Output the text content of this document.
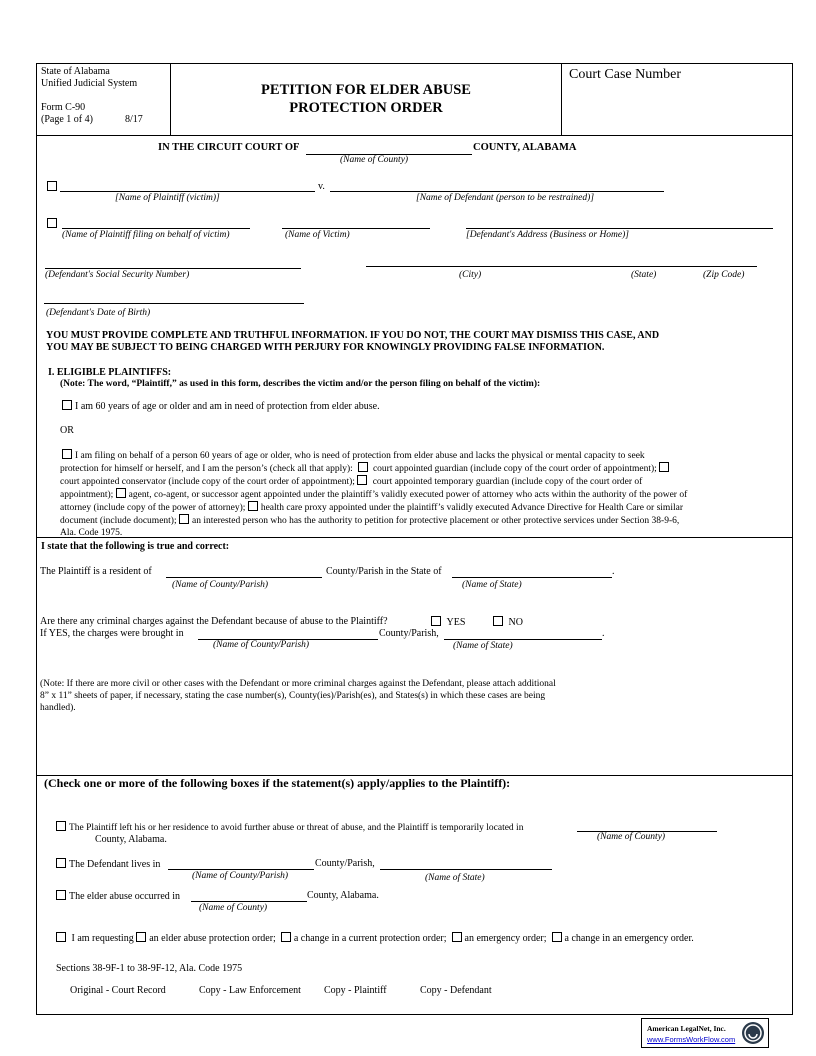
State of Alabama
Unified Judicial System
Form C-90
(Page 1 of 4)	8/17
PETITION FOR ELDER ABUSE
PROTECTION ORDER
Court Case Number
IN THE CIRCUIT COURT OF	COUNTY, ALABAMA
(Name of County)
v.
[Name of Plaintiff (victim)]	[Name of Defendant (person to be restrained)]
(Name of Plaintiff filing on behalf of victim)	(Name of Victim)	[Defendant's Address (Business or Home)]
(Defendant's Social Security Number)	(City)	(State)	(Zip Code)
(Defendant's Date of Birth)
YOU MUST PROVIDE COMPLETE AND TRUTHFUL INFORMATION. IF YOU DO NOT, THE COURT MAY DISMISS THIS CASE, AND
YOU MAY BE SUBJECT TO BEING CHARGED WITH PERJURY FOR KNOWINGLY PROVIDING FALSE INFORMATION.
I. ELIGIBLE PLAINTIFFS:
(Note: The word, “Plaintiff,” as used in this form, describes the victim and/or the person filing on behalf of the victim):
I am 60 years of age or older and am in need of protection from elder abuse.
OR
I am filing on behalf of a person 60 years of age or older, who is need of protection from elder abuse and lacks the physical or mental capacity to seek
protection for himself or herself, and I am the person’s (check all that apply): court appointed guardian (include copy of the court order of appointment);
court appointed conservator (include copy of the court order of appointment); court appointed temporary guardian (include copy of the court order of
appointment); agent, co-agent, or successor agent appointed under the plaintiff’s validly executed power of attorney who acts within the authority of the power of
attorney (include copy of the power of attorney); health care proxy appointed under the plaintiff’s validly executed Advance Directive for Health Care or similar
document (include document); an interested person who has the authority to petition for protective placement or other protective services under Section 38-9-6,
Ala. Code 1975.
I state that the following is true and correct:
The Plaintiff is a resident of	County/Parish in the State of	.
(Name of County/Parish)	(Name of State)
Are there any criminal charges against the Defendant because of abuse to the Plaintiff?	YES	NO
If YES, the charges were brought in	County/Parish,	.
(Name of County/Parish)	(Name of State)
(Note: If there are more civil or other cases with the Defendant or more criminal charges against the Defendant, please attach additional
8” x 11” sheets of paper, if necessary, stating the case number(s), County(ies)/Parish(es), and States(s) in which these cases are being
handled).
(Check one or more of the following boxes if the statement(s) apply/applies to the Plaintiff):
The Plaintiff left his or her residence to avoid further abuse or threat of abuse, and the Plaintiff is temporarily located in
(Name of County)
County, Alabama.
The Defendant lives in	County/Parish,
(Name of County/Parish)	(Name of State)
The elder abuse occurred in	County, Alabama.
(Name of County)
I am requesting an elder abuse protection order; a change in a current protection order; an emergency order; a change in an emergency order.
Sections 38-9F-1 to 38-9F-12, Ala. Code 1975
Original - Court Record	Copy - Law Enforcement Copy - Plaintiff	Copy - Defendant
American LegalNet, Inc.
www.FormsWorkFlow.com
